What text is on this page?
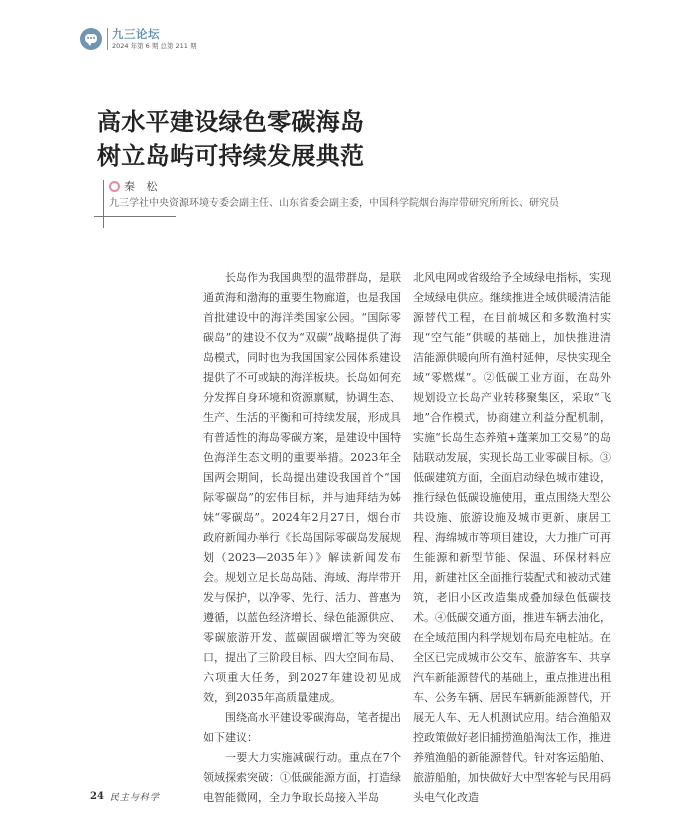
九三论坛
2024 年第 6 期 总第 211 期
高水平建设绿色零碳海岛
树立岛屿可持续发展典范
秦 松
九三学社中央资源环境专委会副主任、山东省委会副主委，中国科学院烟台海岸带研究所所长、研究员

长岛作为我国典型的温带群岛，是联通黄海和渤海的重要生物廊道，也是我国首批建设中的海洋类国家公园。“国际零碳岛”的建设不仅为“双碳”战略提供了海岛模式，同时也为我国国家公园体系建设提供了不可或缺的海洋板块。长岛如何充分发挥自身环境和资源禀赋，协调生态、生产、生活的平衡和可持续发展，形成具有普适性的海岛零碳方案，是建设中国特色海洋生态文明的重要举措。2023年全国两会期间，长岛提出建设我国首个“国际零碳岛”的宏伟目标，并与迪拜结为姊妹“零碳岛”。2024年2月27日，烟台市政府新闻办举行《长岛国际零碳岛发展规划（2023—2035年）》解读新闻发布会。规划立足长岛岛陆、海域、海岸带开发与保护，以净零、先行、活力、普惠为遵循，以蓝色经济增长、绿色能源供应、零碳旅游开发、蓝碳固碳增汇等为突破口，提出了三阶段目标、四大空间布局、六项重大任务，到2027年建设初见成效，到2035年高质量建成。

围绕高水平建设零碳海岛，笔者提出如下建议：

一要大力实施减碳行动。重点在7个领域探索突破：①低碳能源方面，打造绿电智能微网，全力争取长岛接入半岛

北风电网或省级给予全域绿电指标，实现全域绿电供应。继续推进全域供暖清洁能源替代工程，在目前城区和多数渔村实现“空气能”供暖的基础上，加快推进清洁能源供暖向所有渔村延伸，尽快实现全域“零燃煤”。②低碳工业方面，在岛外规划设立长岛产业转移聚集区，采取“飞地”合作模式，协商建立利益分配机制，实施“长岛生态养殖+蓬莱加工交易”的岛陆联动发展，实现长岛工业零碳目标。③低碳建筑方面，全面启动绿色城市建设，推行绿色低碳设施使用，重点围绕大型公共设施、旅游设施及城市更新、康居工程、海绵城市等项目建设，大力推广可再生能源和新型节能、保温、环保材料应用，新建社区全面推行装配式和被动式建筑，老旧小区改造集成叠加绿色低碳技术。④低碳交通方面，推进车辆去油化，在全域范围内科学规划布局充电桩站。在全区已完成城市公交车、旅游客车、共享汽车新能源替代的基础上，重点推进出租车、公务车辆、居民车辆新能源替代，开展无人车、无人机测试应用。结合渔船双控政策做好老旧捕捞渔船淘汰工作，推进养殖渔船的新能源替代。针对客运船舶、旅游船舶，加快做好大中型客轮与民用码头电气化改造

24 民主与科学
